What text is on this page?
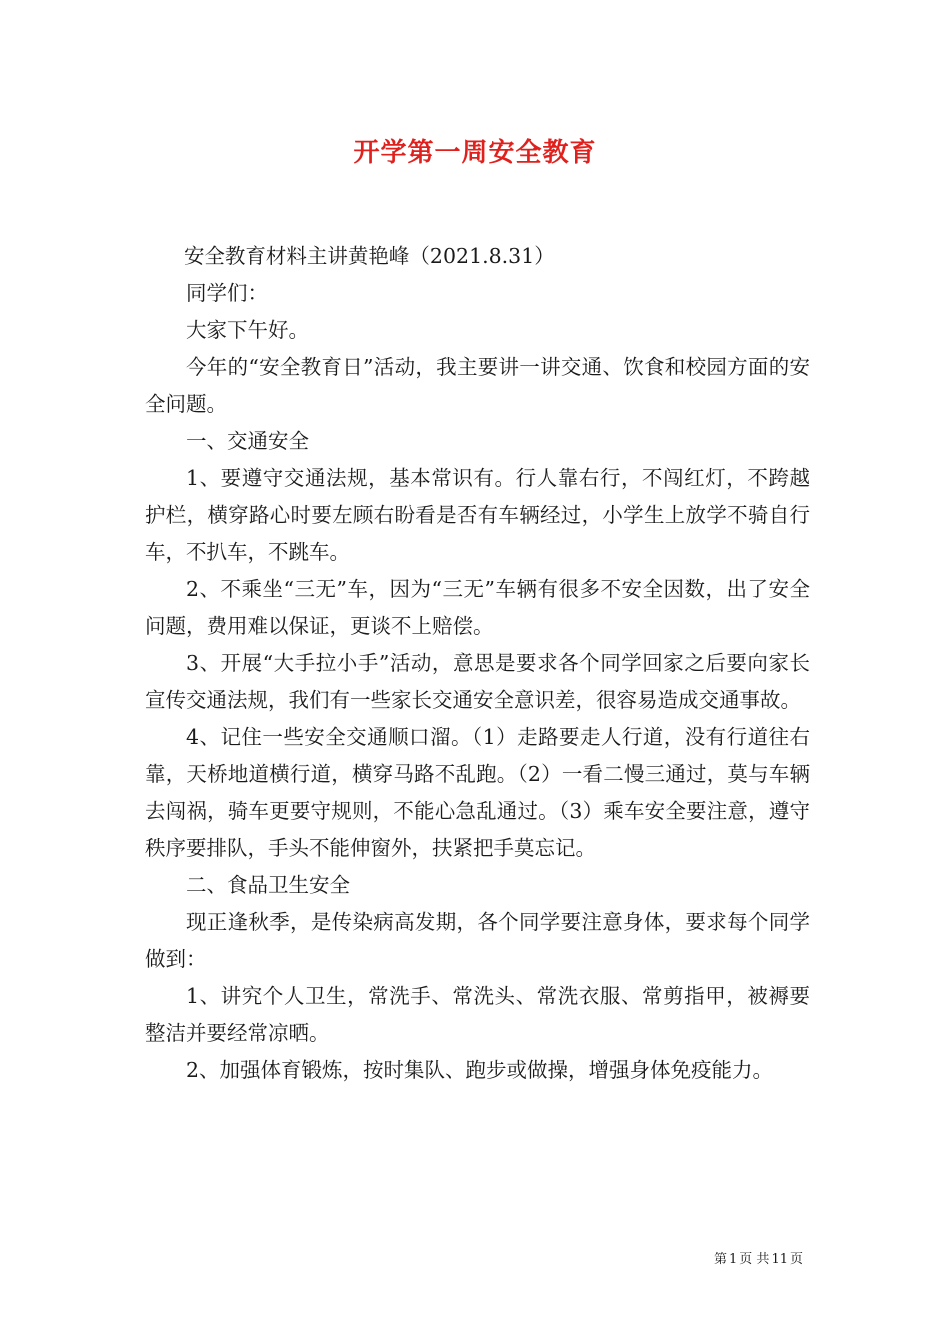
开学第一周安全教育

安全教育材料主讲黄艳峰（2021.8.31）

同学们：

大家下午好。

今年的“安全教育日”活动，我主要讲一讲交通、饮食和校园方面的安全问题。

一、交通安全

1、要遵守交通法规，基本常识有。行人靠右行，不闯红灯，不跨越护栏，横穿路心时要左顾右盼看是否有车辆经过，小学生上放学不骑自行车，不扒车，不跳车。

2、不乘坐“三无”车，因为“三无”车辆有很多不安全因数，出了安全问题，费用难以保证，更谈不上赔偿。

3、开展“大手拉小手”活动，意思是要求各个同学回家之后要向家长宣传交通法规，我们有一些家长交通安全意识差，很容易造成交通事故。

4、记住一些安全交通顺口溜。（1）走路要走人行道，没有行道往右靠，天桥地道横行道，横穿马路不乱跑。（2）一看二慢三通过，莫与车辆去闯祸，骑车更要守规则，不能心急乱通过。（3）乘车安全要注意，遵守秩序要排队，手头不能伸窗外，扶紧把手莫忘记。

二、食品卫生安全

现正逢秋季，是传染病高发期，各个同学要注意身体，要求每个同学做到：

1、讲究个人卫生，常洗手、常洗头、常洗衣服、常剪指甲，被褥要整洁并要经常凉晒。

2、加强体育锻炼，按时集队、跑步或做操，增强身体免疫能力。

第 1 页 共 11 页
